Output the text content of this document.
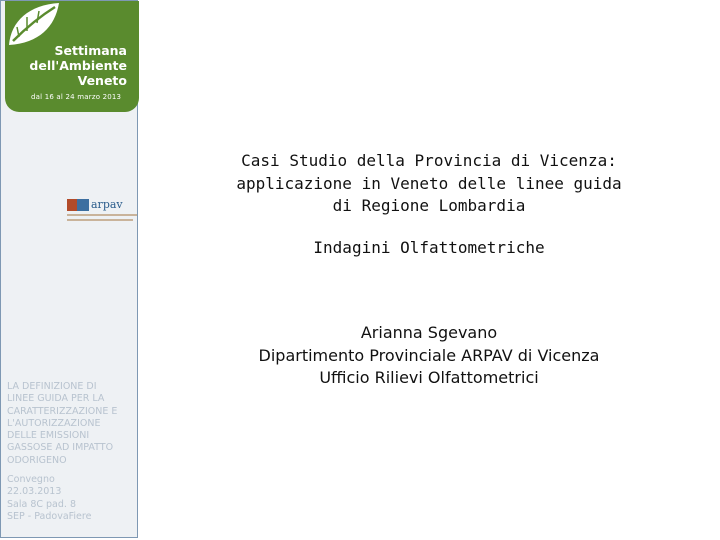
Settimana
dell'Ambiente
Veneto
dal 16 al 24 marzo 2013
arpav
LA DEFINIZIONE DI
LINEE GUIDA PER LA
CARATTERIZZAZIONE E
L'AUTORIZZAZIONE
DELLE EMISSIONI
GASSOSE AD IMPATTO
ODORIGENO
Convegno
22.03.2013
Sala 8C pad. 8
SEP - PadovaFiere
Casi Studio della Provincia di Vicenza:
applicazione in Veneto delle linee guida
di Regione Lombardia
Indagini Olfattometriche
Arianna Sgevano
Dipartimento Provinciale ARPAV di Vicenza
Ufficio Rilievi Olfattometrici
